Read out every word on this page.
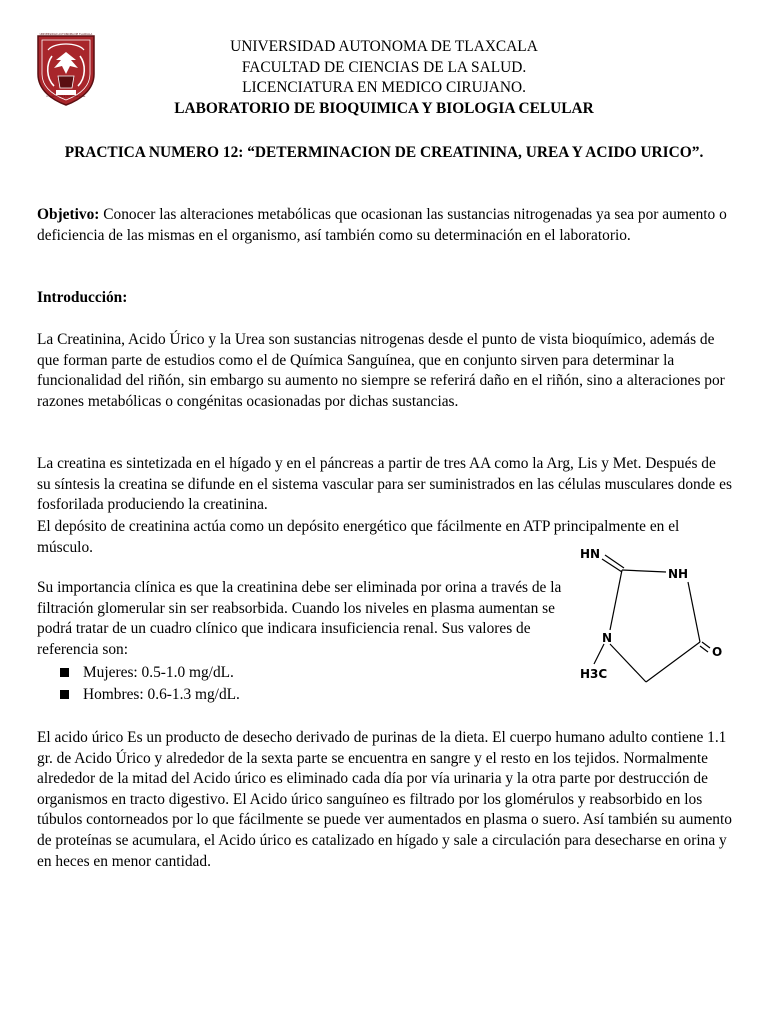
UNIVERSIDAD AUTONOMA DE TLAXCALA
POR LA CULTURA A LA JUSTICIA SOCIAL
UNIVERSIDAD AUTONOMA DE TLAXCALA
FACULTAD DE CIENCIAS DE LA SALUD.
LICENCIATURA EN MEDICO CIRUJANO.
LABORATORIO DE BIOQUIMICA Y BIOLOGIA CELULAR
PRACTICA NUMERO 12: “DETERMINACION DE CREATININA, UREA Y ACIDO URICO”.

Objetivo: Conocer las alteraciones metabólicas que ocasionan las sustancias nitrogenadas ya sea por aumento o deficiencia de las mismas en el organismo, así también como su determinación en el laboratorio.

Introducción:

La Creatinina, Acido Úrico y la Urea son sustancias nitrogenas desde el punto de vista bioquímico, además de que forman parte de estudios como el de Química Sanguínea, que en conjunto sirven para determinar la funcionalidad del riñón, sin embargo su aumento no siempre se referirá daño en el riñón, sino a alteraciones por razones metabólicas o congénitas ocasionadas por dichas sustancias.

La creatina es sintetizada en el hígado y en el páncreas a partir de tres AA como la Arg, Lis y Met. Después de su síntesis la creatina se difunde en el sistema vascular para ser suministrados en las células musculares donde es fosforilada produciendo la creatinina.

El depósito de creatinina actúa como un depósito energético que fácilmente en ATP principalmente en el músculo.

Su importancia clínica es que la creatinina debe ser eliminada por orina a través de la filtración glomerular sin ser reabsorbida. Cuando los niveles en plasma aumentan se podrá tratar de un cuadro clínico que indicara insuficiencia renal. Sus valores de referencia son:

Mujeres: 0.5-1.0 mg/dL.
Hombres: 0.6-1.3 mg/dL.
HN
NH
N
O
H3C

El acido úrico Es un producto de desecho derivado de purinas de la dieta. El cuerpo humano adulto contiene 1.1 gr. de Acido Úrico y alrededor de la sexta parte se encuentra en sangre y el resto en los tejidos. Normalmente alrededor de la mitad del Acido úrico es eliminado cada día por vía urinaria y la otra parte por destrucción de organismos en tracto digestivo. El Acido úrico sanguíneo es filtrado por los glomérulos y reabsorbido en los túbulos contorneados por lo que fácilmente se puede ver aumentados en plasma o suero. Así también su aumento de proteínas se acumulara, el Acido úrico es catalizado en hígado y sale a circulación para desecharse en orina y en heces en menor cantidad.
